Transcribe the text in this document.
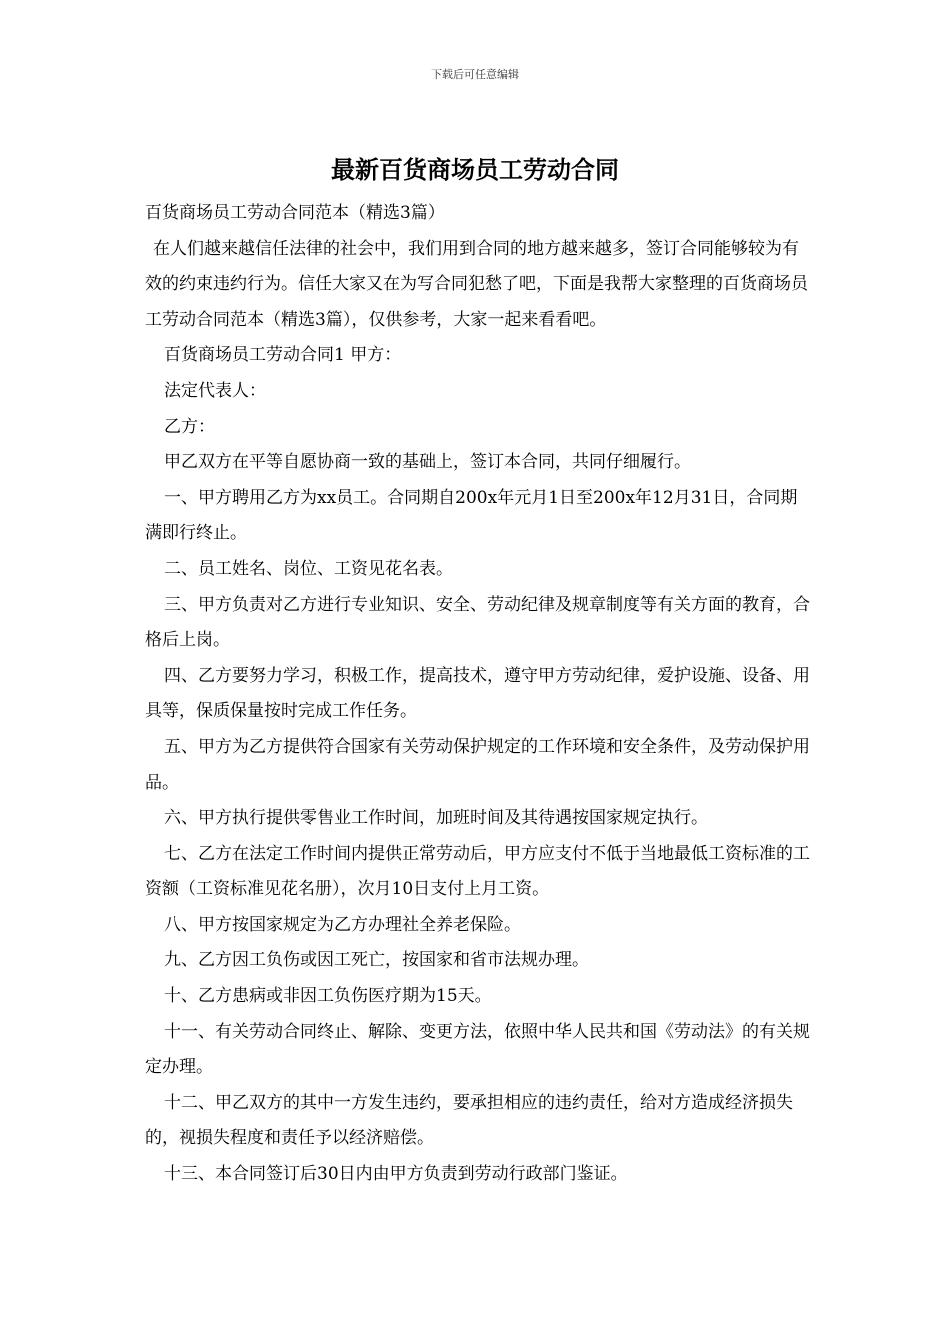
下载后可任意编辑
最新百货商场员工劳动合同

百货商场员工劳动合同范本（精选3篇）

在人们越来越信任法律的社会中，我们用到合同的地方越来越多，签订合同能够较为有效的约束违约行为。信任大家又在为写合同犯愁了吧，下面是我帮大家整理的百货商场员工劳动合同范本（精选3篇），仅供参考，大家一起来看看吧。

百货商场员工劳动合同1 甲方：

法定代表人：

乙方：

甲乙双方在平等自愿协商一致的基础上，签订本合同，共同仔细履行。

一、甲方聘用乙方为xx员工。合同期自200x年元月1日至200x年12月31日，合同期满即行终止。

二、员工姓名、岗位、工资见花名表。

三、甲方负责对乙方进行专业知识、安全、劳动纪律及规章制度等有关方面的教育，合格后上岗。

四、乙方要努力学习，积极工作，提高技术，遵守甲方劳动纪律，爱护设施、设备、用具等，保质保量按时完成工作任务。

五、甲方为乙方提供符合国家有关劳动保护规定的工作环境和安全条件，及劳动保护用品。

六、甲方执行提供零售业工作时间，加班时间及其待遇按国家规定执行。

七、乙方在法定工作时间内提供正常劳动后，甲方应支付不低于当地最低工资标准的工资额（工资标准见花名册），次月10日支付上月工资。

八、甲方按国家规定为乙方办理社全养老保险。

九、乙方因工负伤或因工死亡，按国家和省市法规办理。

十、乙方患病或非因工负伤医疗期为15天。

十一、有关劳动合同终止、解除、变更方法，依照中华人民共和国《劳动法》的有关规定办理。

十二、甲乙双方的其中一方发生违约，要承担相应的违约责任，给对方造成经济损失的，视损失程度和责任予以经济赔偿。

十三、本合同签订后30日内由甲方负责到劳动行政部门鉴证。
